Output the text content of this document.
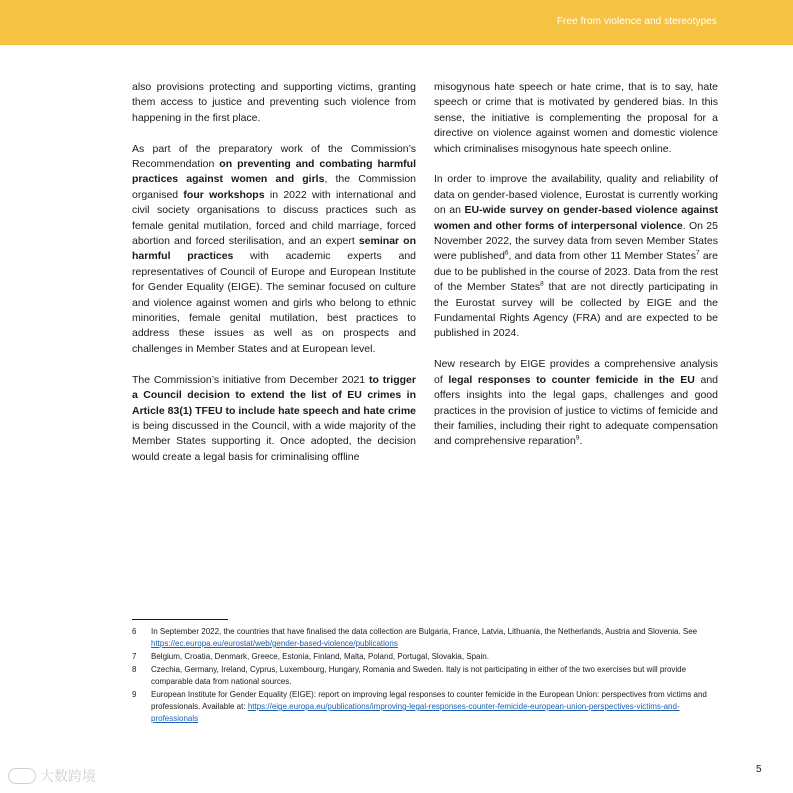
Free from violence and stereotypes

also provisions protecting and supporting victims, granting them access to justice and preventing such violence from happening in the first place.

As part of the preparatory work of the Commission’s Recommendation on preventing and combating harmful practices against women and girls, the Commission organised four workshops in 2022 with international and civil society organisations to discuss practices such as female genital mutilation, forced and child marriage, forced abortion and forced sterilisation, and an expert seminar on harmful practices with academic experts and representatives of Council of Europe and European Institute for Gender Equality (EIGE). The seminar focused on culture and violence against women and girls who belong to ethnic minorities, female genital mutilation, best practices to address these issues as well as on prospects and challenges in Member States and at European level.

The Commission’s initiative from December 2021 to trigger a Council decision to extend the list of EU crimes in Article 83(1) TFEU to include hate speech and hate crime is being discussed in the Council, with a wide majority of the Member States supporting it. Once adopted, the decision would create a legal basis for criminalising offline

misogynous hate speech or hate crime, that is to say, hate speech or crime that is motivated by gendered bias. In this sense, the initiative is complementing the proposal for a directive on violence against women and domestic violence which criminalises misogynous hate speech online.

In order to improve the availability, quality and reliability of data on gender-based violence, Eurostat is currently working on an EU-wide survey on gender-based violence against women and other forms of interpersonal violence. On 25 November 2022, the survey data from seven Member States were published$^6$, and data from other 11 Member States$^7$ are due to be published in the course of 2023. Data from the rest of the Member States$^8$ that are not directly participating in the Eurostat survey will be collected by EIGE and the Fundamental Rights Agency (FRA) and are expected to be published in 2024.

New research by EIGE provides a comprehensive analysis of legal responses to counter femicide in the EU and offers insights into the legal gaps, challenges and good practices in the provision of justice to victims of femicide and their families, including their right to adequate compensation and comprehensive reparation$^9$.

6	In September 2022, the countries that have finalised the data collection are Bulgaria, France, Latvia, Lithuania, the Netherlands, Austria and Slovenia. See https://ec.europa.eu/eurostat/web/gender-based-violence/publications
7	Belgium, Croatia, Denmark, Greece, Estonia, Finland, Malta, Poland, Portugal, Slovakia, Spain.
8	Czechia, Germany, Ireland, Cyprus, Luxembourg, Hungary, Romania and Sweden. Italy is not participating in either of the two exercises but will provide comparable data from national sources.
9	European Institute for Gender Equality (EIGE): report on improving legal responses to counter femicide in the European Union: perspectives from victims and professionals. Available at: https://eige.europa.eu/publications/improving-legal-responses-counter-femicide-european-union-perspectives-victims-and-professionals
5
大数跨境
